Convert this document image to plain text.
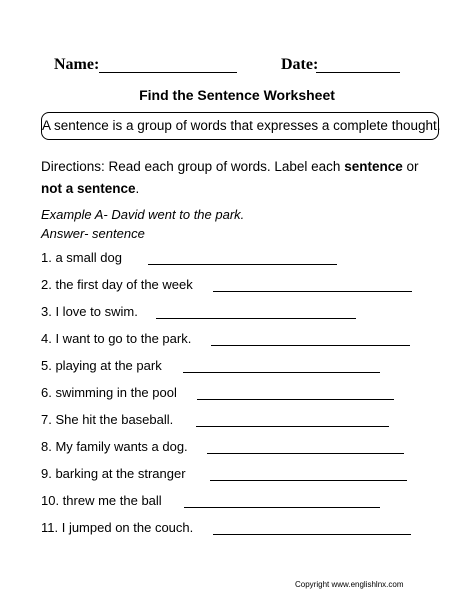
Name:	Date:
Find the Sentence Worksheet
A sentence is a group of words that expresses a complete thought.
Directions: Read each group of words. Label each sentence or
not a sentence.
Example A- David went to the park.
Answer- sentence
1. a small dog
2. the first day of the week
3. I love to swim.
4. I want to go to the park.
5. playing at the park
6. swimming in the pool
7. She hit the baseball.
8. My family wants a dog.
9. barking at the stranger
10. threw me the ball
11. I jumped on the couch.
Copyright www.englishlnx.com
